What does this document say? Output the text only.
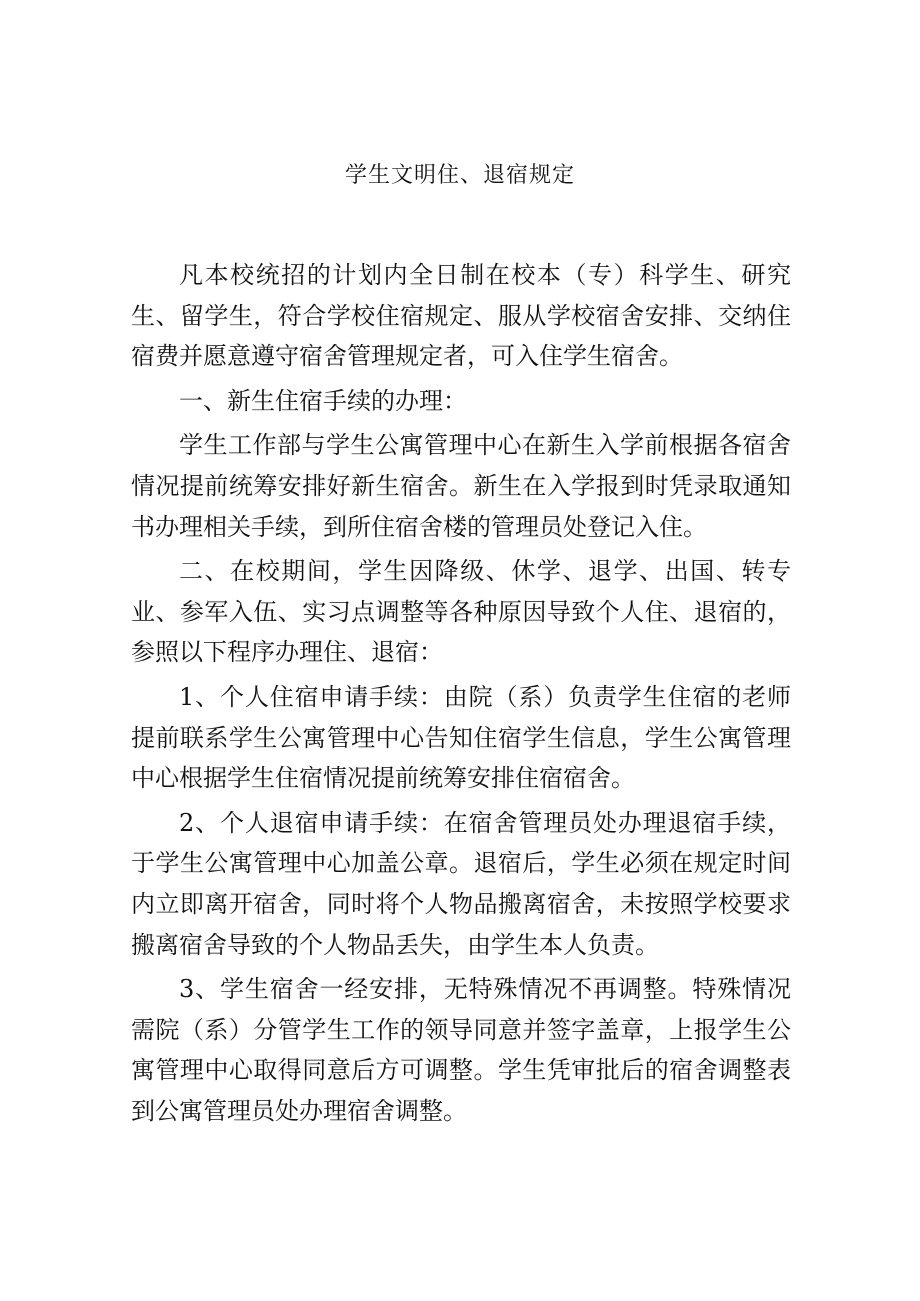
学生文明住、退宿规定

凡本校统招的计划内全日制在校本（专）科学生、研究生、留学生，符合学校住宿规定、服从学校宿舍安排、交纳住宿费并愿意遵守宿舍管理规定者，可入住学生宿舍。

一、新生住宿手续的办理：

学生工作部与学生公寓管理中心在新生入学前根据各宿舍情况提前统筹安排好新生宿舍。新生在入学报到时凭录取通知书办理相关手续，到所住宿舍楼的管理员处登记入住。

二、在校期间，学生因降级、休学、退学、出国、转专业、参军入伍、实习点调整等各种原因导致个人住、退宿的，参照以下程序办理住、退宿：

1、个人住宿申请手续：由院（系）负责学生住宿的老师提前联系学生公寓管理中心告知住宿学生信息，学生公寓管理中心根据学生住宿情况提前统筹安排住宿宿舍。

2、个人退宿申请手续：在宿舍管理员处办理退宿手续，于学生公寓管理中心加盖公章。退宿后，学生必须在规定时间内立即离开宿舍，同时将个人物品搬离宿舍，未按照学校要求搬离宿舍导致的个人物品丢失，由学生本人负责。

3、学生宿舍一经安排，无特殊情况不再调整。特殊情况需院（系）分管学生工作的领导同意并签字盖章，上报学生公寓管理中心取得同意后方可调整。学生凭审批后的宿舍调整表到公寓管理员处办理宿舍调整。
